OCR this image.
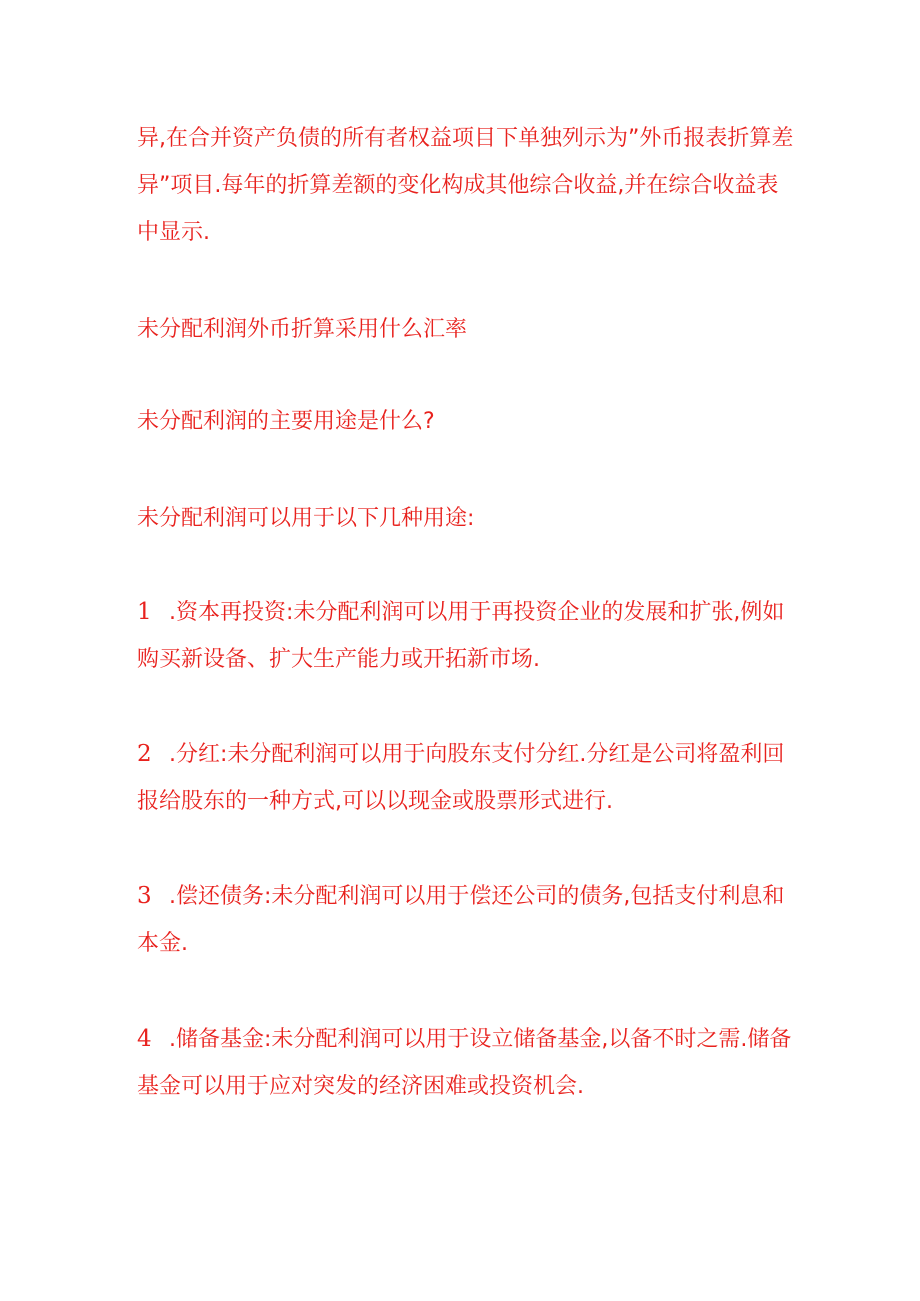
异,在合并资产负债的所有者权益项目下单独列示为”外币报表折算差异”项目.每年的折算差额的变化构成其他综合收益,并在综合收益表中显示.

未分配利润外币折算采用什么汇率

未分配利润的主要用途是什么?

未分配利润可以用于以下几种用途:

1 .资本再投资:未分配利润可以用于再投资企业的发展和扩张,例如购买新设备、扩大生产能力或开拓新市场.

2 .分红:未分配利润可以用于向股东支付分红.分红是公司将盈利回报给股东的一种方式,可以以现金或股票形式进行.

3 .偿还债务:未分配利润可以用于偿还公司的债务,包括支付利息和本金.

4 .储备基金:未分配利润可以用于设立储备基金,以备不时之需.储备基金可以用于应对突发的经济困难或投资机会.
